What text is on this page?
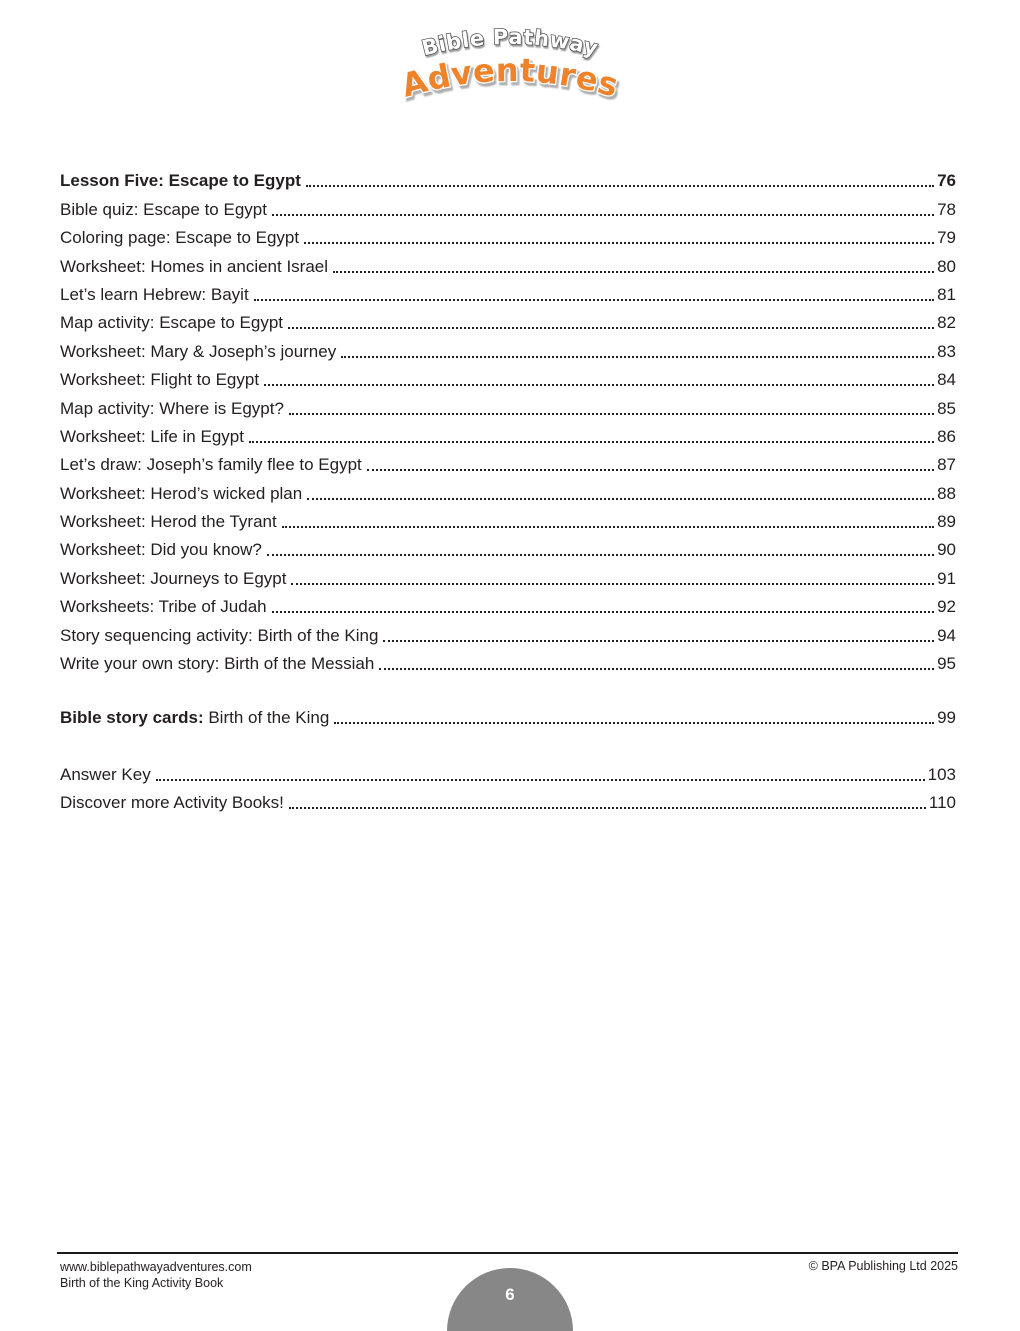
Bible Pathway
Adventures
Lesson Five: Escape to Egypt	76
Bible quiz: Escape to Egypt	78
Coloring page: Escape to Egypt	79
Worksheet: Homes in ancient Israel	80
Let’s learn Hebrew: Bayit	81
Map activity: Escape to Egypt	82
Worksheet: Mary & Joseph’s journey	83
Worksheet: Flight to Egypt	84
Map activity: Where is Egypt?	85
Worksheet: Life in Egypt	86
Let’s draw: Joseph’s family flee to Egypt	87
Worksheet: Herod’s wicked plan	88
Worksheet: Herod the Tyrant	89
Worksheet: Did you know?	90
Worksheet: Journeys to Egypt	91
Worksheets: Tribe of Judah	92
Story sequencing activity: Birth of the King	94
Write your own story: Birth of the Messiah	95
Bible story cards: Birth of the King	99
Answer Key	103
Discover more Activity Books!	110
www.biblepathwayadventures.com
Birth of the King Activity Book
© BPA Publishing Ltd 2025
6
